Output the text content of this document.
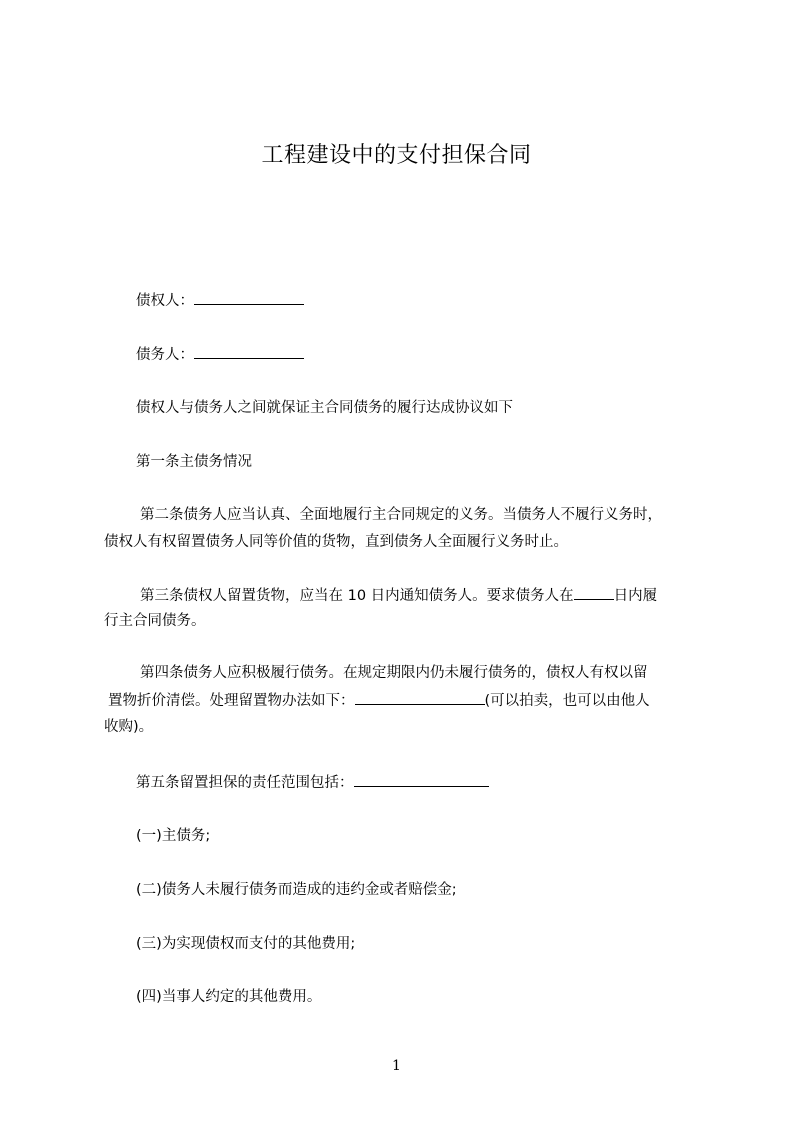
工程建设中的支付担保合同
债权人：
债务人：
债权人与债务人之间就保证主合同债务的履行达成协议如下
第一条主债务情况
第二条债务人应当认真、全面地履行主合同规定的义务。当债务人不履行义务时，
债权人有权留置债务人同等价值的货物，直到债务人全面履行义务时止。
第三条债权人留置货物，应当在 10 日内通知债务人。要求债务人在	日内履
行主合同债务。
第四条债务人应积极履行债务。在规定期限内仍未履行债务的，债权人有权以留
置物折价清偿。处理留置物办法如下：	(可以拍卖，也可以由他人
收购)。
第五条留置担保的责任范围包括：
(一)主债务;
(二)债务人未履行债务而造成的违约金或者赔偿金;
(三)为实现债权而支付的其他费用;
(四)当事人约定的其他费用。
1
